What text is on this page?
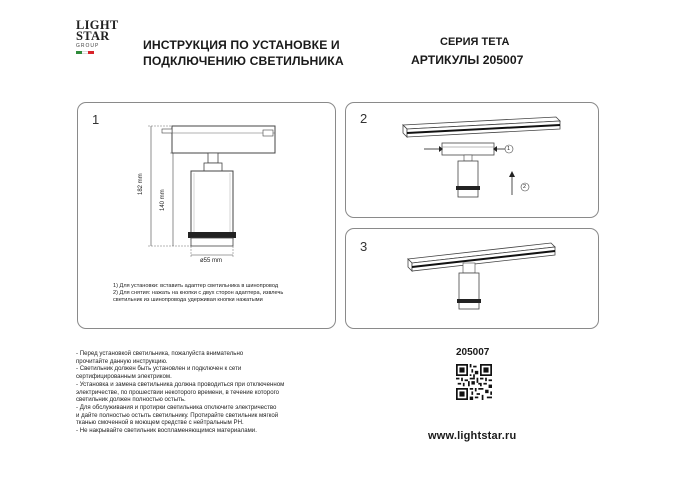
LIGHT
STAR
GROUP	ИНСТРУКЦИЯ ПО УСТАНОВКЕ И
ПОДКЛЮЧЕНИЮ СВЕТИЛЬНИКА
СЕРИЯ TETA
АРТИКУЛЫ 205007
1
182 mm
140 mm
ø55 mm
1) Для установки: вставить адаптер светильника в шинопровод
2) Для снятия: нажать на кнопки с двух сторон адаптера, извлечь
светильник из шинопровода удерживая кнопки нажатыми
2
1
2
3
- Перед установкой светильника, пожалуйста внимательно
прочитайте данную инструкцию.
- Светильник должен быть установлен и подключен к сети
сертифицированным электриком.
- Установка и замена светильника должна проводиться при отключенном
электричестве, по прошествии некоторого времени, в течение которого
светильник должен полностью остыть.
- Для обслуживания и протирки светильника отключите электричество
и дайте полностью остыть светильнику. Протирайте светильник мягкой
тканью смоченной в моющем средстве с нейтральным PH.
- Не накрывайте светильник воспламеняющимся материалами.
205007
www.lightstar.ru
